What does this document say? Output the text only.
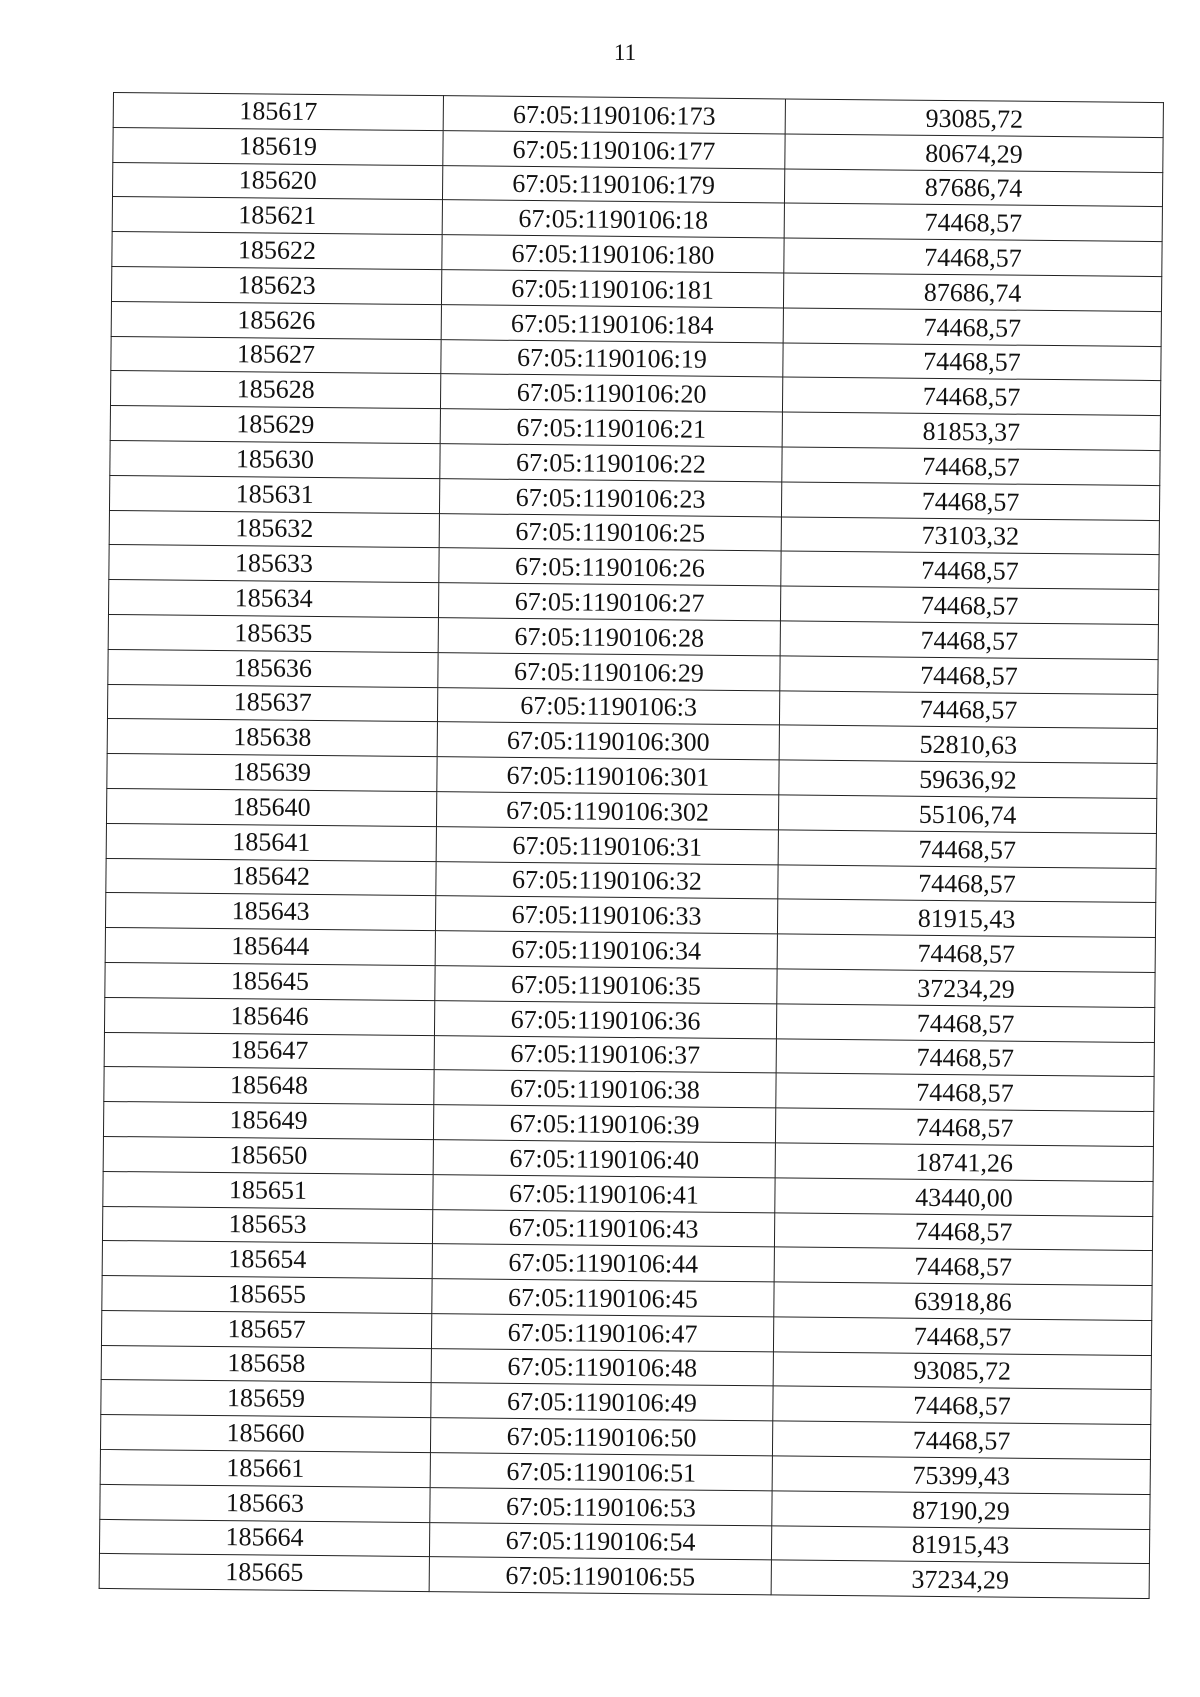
11
185617	67:05:1190106:173	93085,72
185619	67:05:1190106:177	80674,29
185620	67:05:1190106:179	87686,74
185621	67:05:1190106:18	74468,57
185622	67:05:1190106:180	74468,57
185623	67:05:1190106:181	87686,74
185626	67:05:1190106:184	74468,57
185627	67:05:1190106:19	74468,57
185628	67:05:1190106:20	74468,57
185629	67:05:1190106:21	81853,37
185630	67:05:1190106:22	74468,57
185631	67:05:1190106:23	74468,57
185632	67:05:1190106:25	73103,32
185633	67:05:1190106:26	74468,57
185634	67:05:1190106:27	74468,57
185635	67:05:1190106:28	74468,57
185636	67:05:1190106:29	74468,57
185637	67:05:1190106:3	74468,57
185638	67:05:1190106:300	52810,63
185639	67:05:1190106:301	59636,92
185640	67:05:1190106:302	55106,74
185641	67:05:1190106:31	74468,57
185642	67:05:1190106:32	74468,57
185643	67:05:1190106:33	81915,43
185644	67:05:1190106:34	74468,57
185645	67:05:1190106:35	37234,29
185646	67:05:1190106:36	74468,57
185647	67:05:1190106:37	74468,57
185648	67:05:1190106:38	74468,57
185649	67:05:1190106:39	74468,57
185650	67:05:1190106:40	18741,26
185651	67:05:1190106:41	43440,00
185653	67:05:1190106:43	74468,57
185654	67:05:1190106:44	74468,57
185655	67:05:1190106:45	63918,86
185657	67:05:1190106:47	74468,57
185658	67:05:1190106:48	93085,72
185659	67:05:1190106:49	74468,57
185660	67:05:1190106:50	74468,57
185661	67:05:1190106:51	75399,43
185663	67:05:1190106:53	87190,29
185664	67:05:1190106:54	81915,43
185665	67:05:1190106:55	37234,29
